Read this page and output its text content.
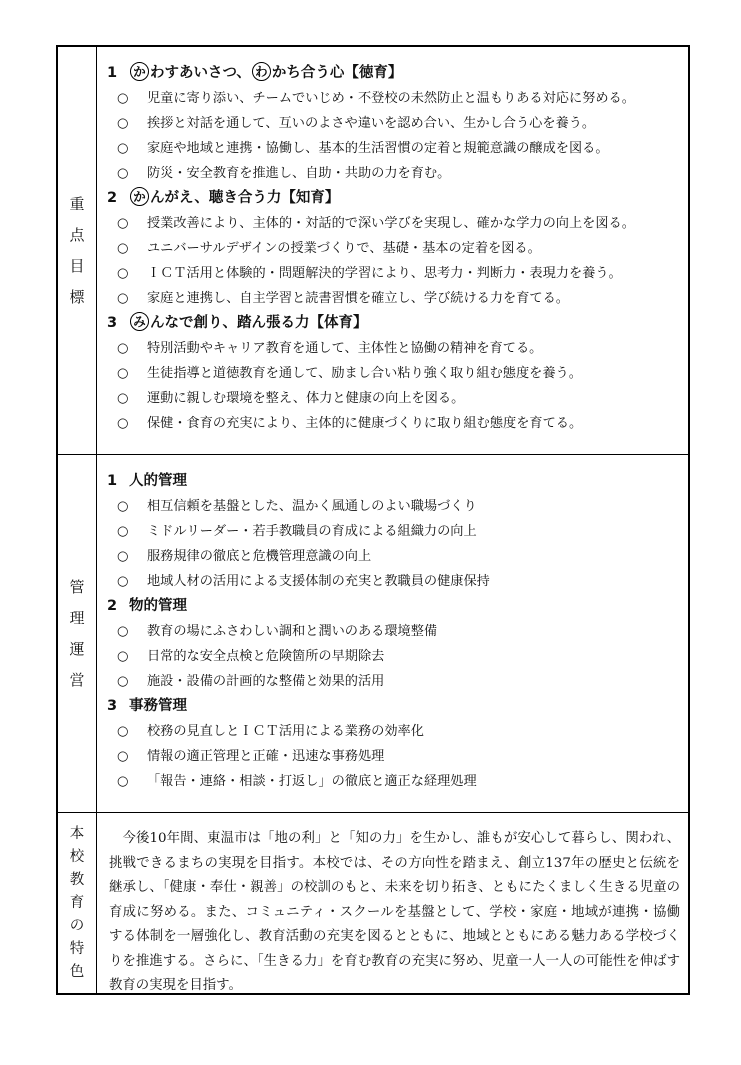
重
点
目
標
1 か わすあいさつ、 わ かち合う心【徳育】
○ 児童に寄り添い、チームでいじめ・不登校の未然防止と温もりある対応に努める。
○ 挨拶と対話を通して、互いのよさや違いを認め合い、生かし合う心を養う。
○ 家庭や地域と連携・協働し、基本的生活習慣の定着と規範意識の醸成を図る。
○ 防災・安全教育を推進し、自助・共助の力を育む。
2 か んがえ、聴き合う力【知育】
○ 授業改善により、主体的・対話的で深い学びを実現し、確かな学力の向上を図る。
○ ユニバーサルデザインの授業づくりで、基礎・基本の定着を図る。
○ ＩＣＴ活用と体験的・問題解決的学習により、思考力・判断力・表現力を養う。
○ 家庭と連携し、自主学習と読書習慣を確立し、学び続ける力を育てる。
3 み んなで創り、踏ん張る力【体育】
○ 特別活動やキャリア教育を通して、主体性と協働の精神を育てる。
○ 生徒指導と道徳教育を通して、励まし合い粘り強く取り組む態度を養う。
○ 運動に親しむ環境を整え、体力と健康の向上を図る。
○ 保健・食育の充実により、主体的に健康づくりに取り組む態度を育てる。
管
理
運
営
1 人的管理
○ 相互信頼を基盤とした、温かく風通しのよい職場づくり
○ ミドルリーダー・若手教職員の育成による組織力の向上
○ 服務規律の徹底と危機管理意識の向上
○ 地域人材の活用による支援体制の充実と教職員の健康保持
2 物的管理
○ 教育の場にふさわしい調和と潤いのある環境整備
○ 日常的な安全点検と危険箇所の早期除去
○ 施設・設備の計画的な整備と効果的活用
3 事務管理
○ 校務の見直しとＩＣＴ活用による業務の効率化
○ 情報の適正管理と正確・迅速な事務処理
○ 「報告・連絡・相談・打返し」の徹底と適正な経理処理
本
校
教
育
の
特
色
　今後10年間、東温市は「地の利」と「知の力」を生かし、誰もが安心して暮らし、関われ、挑戦できるまちの実現を目指す。本校では、その方向性を踏まえ、創立137年の歴史と伝統を継承し、「健康・奉仕・親善」の校訓のもと、未来を切り拓き、ともにたくましく生きる児童の育成に努める。また、コミュニティ・スクールを基盤として、学校・家庭・地域が連携・協働する体制を一層強化し、教育活動の充実を図るとともに、地域とともにある魅力ある学校づくりを推進する。さらに、「生きる力」を育む教育の充実に努め、児童一人一人の可能性を伸ばす教育の実現を目指す。
